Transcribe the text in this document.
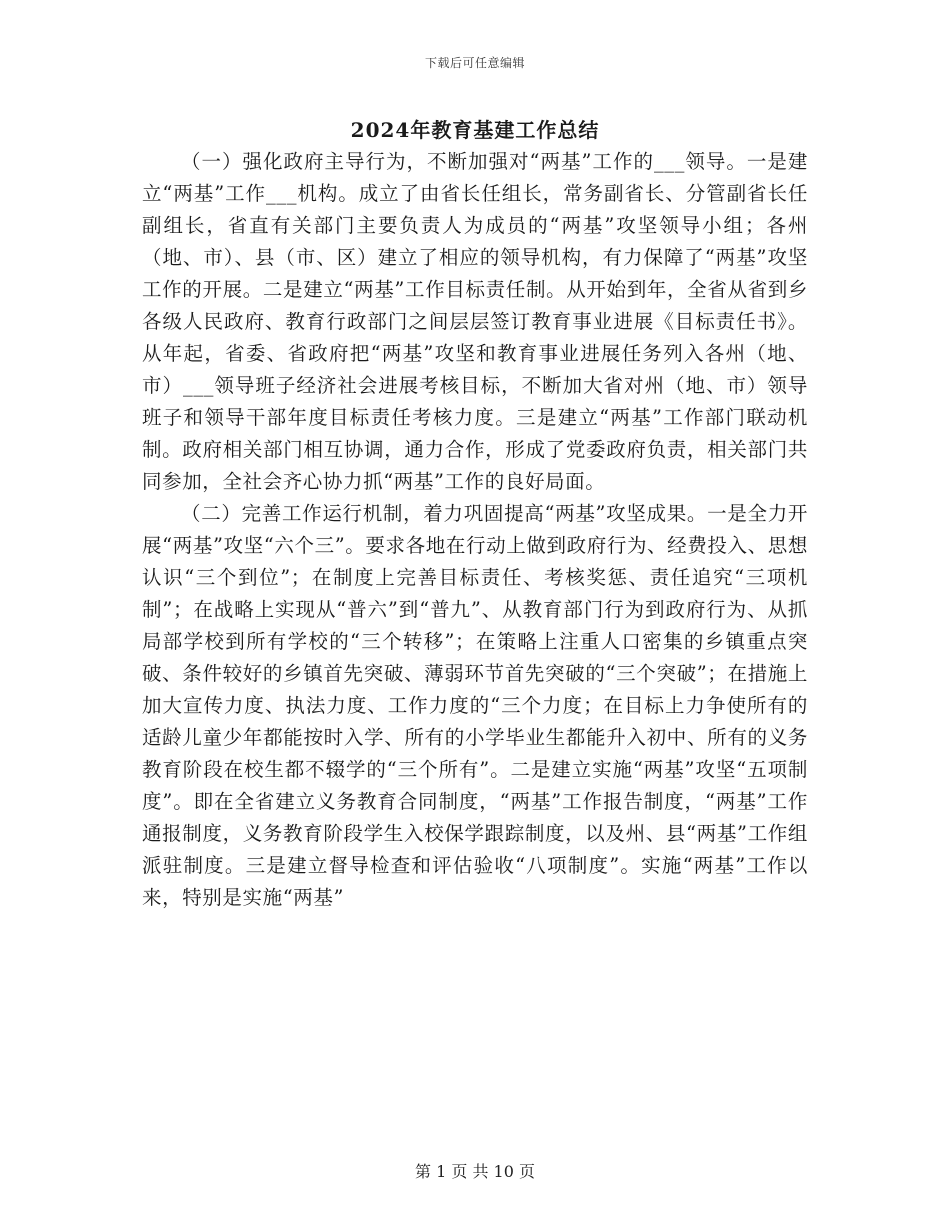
下载后可任意编辑
2024年教育基建工作总结

（一）强化政府主导行为，不断加强对“两基”工作的___领导。一是建立“两基”工作___机构。成立了由省长任组长，常务副省长、分管副省长任副组长，省直有关部门主要负责人为成员的“两基”攻坚领导小组；各州（地、市）、县（市、区）建立了相应的领导机构，有力保障了“两基”攻坚工作的开展。二是建立“两基”工作目标责任制。从开始到年，全省从省到乡各级人民政府、教育行政部门之间层层签订教育事业进展《目标责任书》。从年起，省委、省政府把“两基”攻坚和教育事业进展任务列入各州（地、市）___领导班子经济社会进展考核目标，不断加大省对州（地、市）领导班子和领导干部年度目标责任考核力度。三是建立“两基”工作部门联动机制。政府相关部门相互协调，通力合作，形成了党委政府负责，相关部门共同参加，全社会齐心协力抓“两基”工作的良好局面。

（二）完善工作运行机制，着力巩固提高“两基”攻坚成果。一是全力开展“两基”攻坚“六个三”。要求各地在行动上做到政府行为、经费投入、思想认识“三个到位”；在制度上完善目标责任、考核奖惩、责任追究“三项机制”；在战略上实现从“普六”到“普九”、从教育部门行为到政府行为、从抓局部学校到所有学校的“三个转移”；在策略上注重人口密集的乡镇重点突破、条件较好的乡镇首先突破、薄弱环节首先突破的“三个突破”；在措施上加大宣传力度、执法力度、工作力度的“三个力度；在目标上力争使所有的适龄儿童少年都能按时入学、所有的小学毕业生都能升入初中、所有的义务教育阶段在校生都不辍学的“三个所有”。二是建立实施“两基”攻坚“五项制度”。即在全省建立义务教育合同制度，“两基”工作报告制度，“两基”工作通报制度，义务教育阶段学生入校保学跟踪制度，以及州、县“两基”工作组派驻制度。三是建立督导检查和评估验收“八项制度”。实施“两基”工作以来，特别是实施“两基”

第 1 页 共 10 页
